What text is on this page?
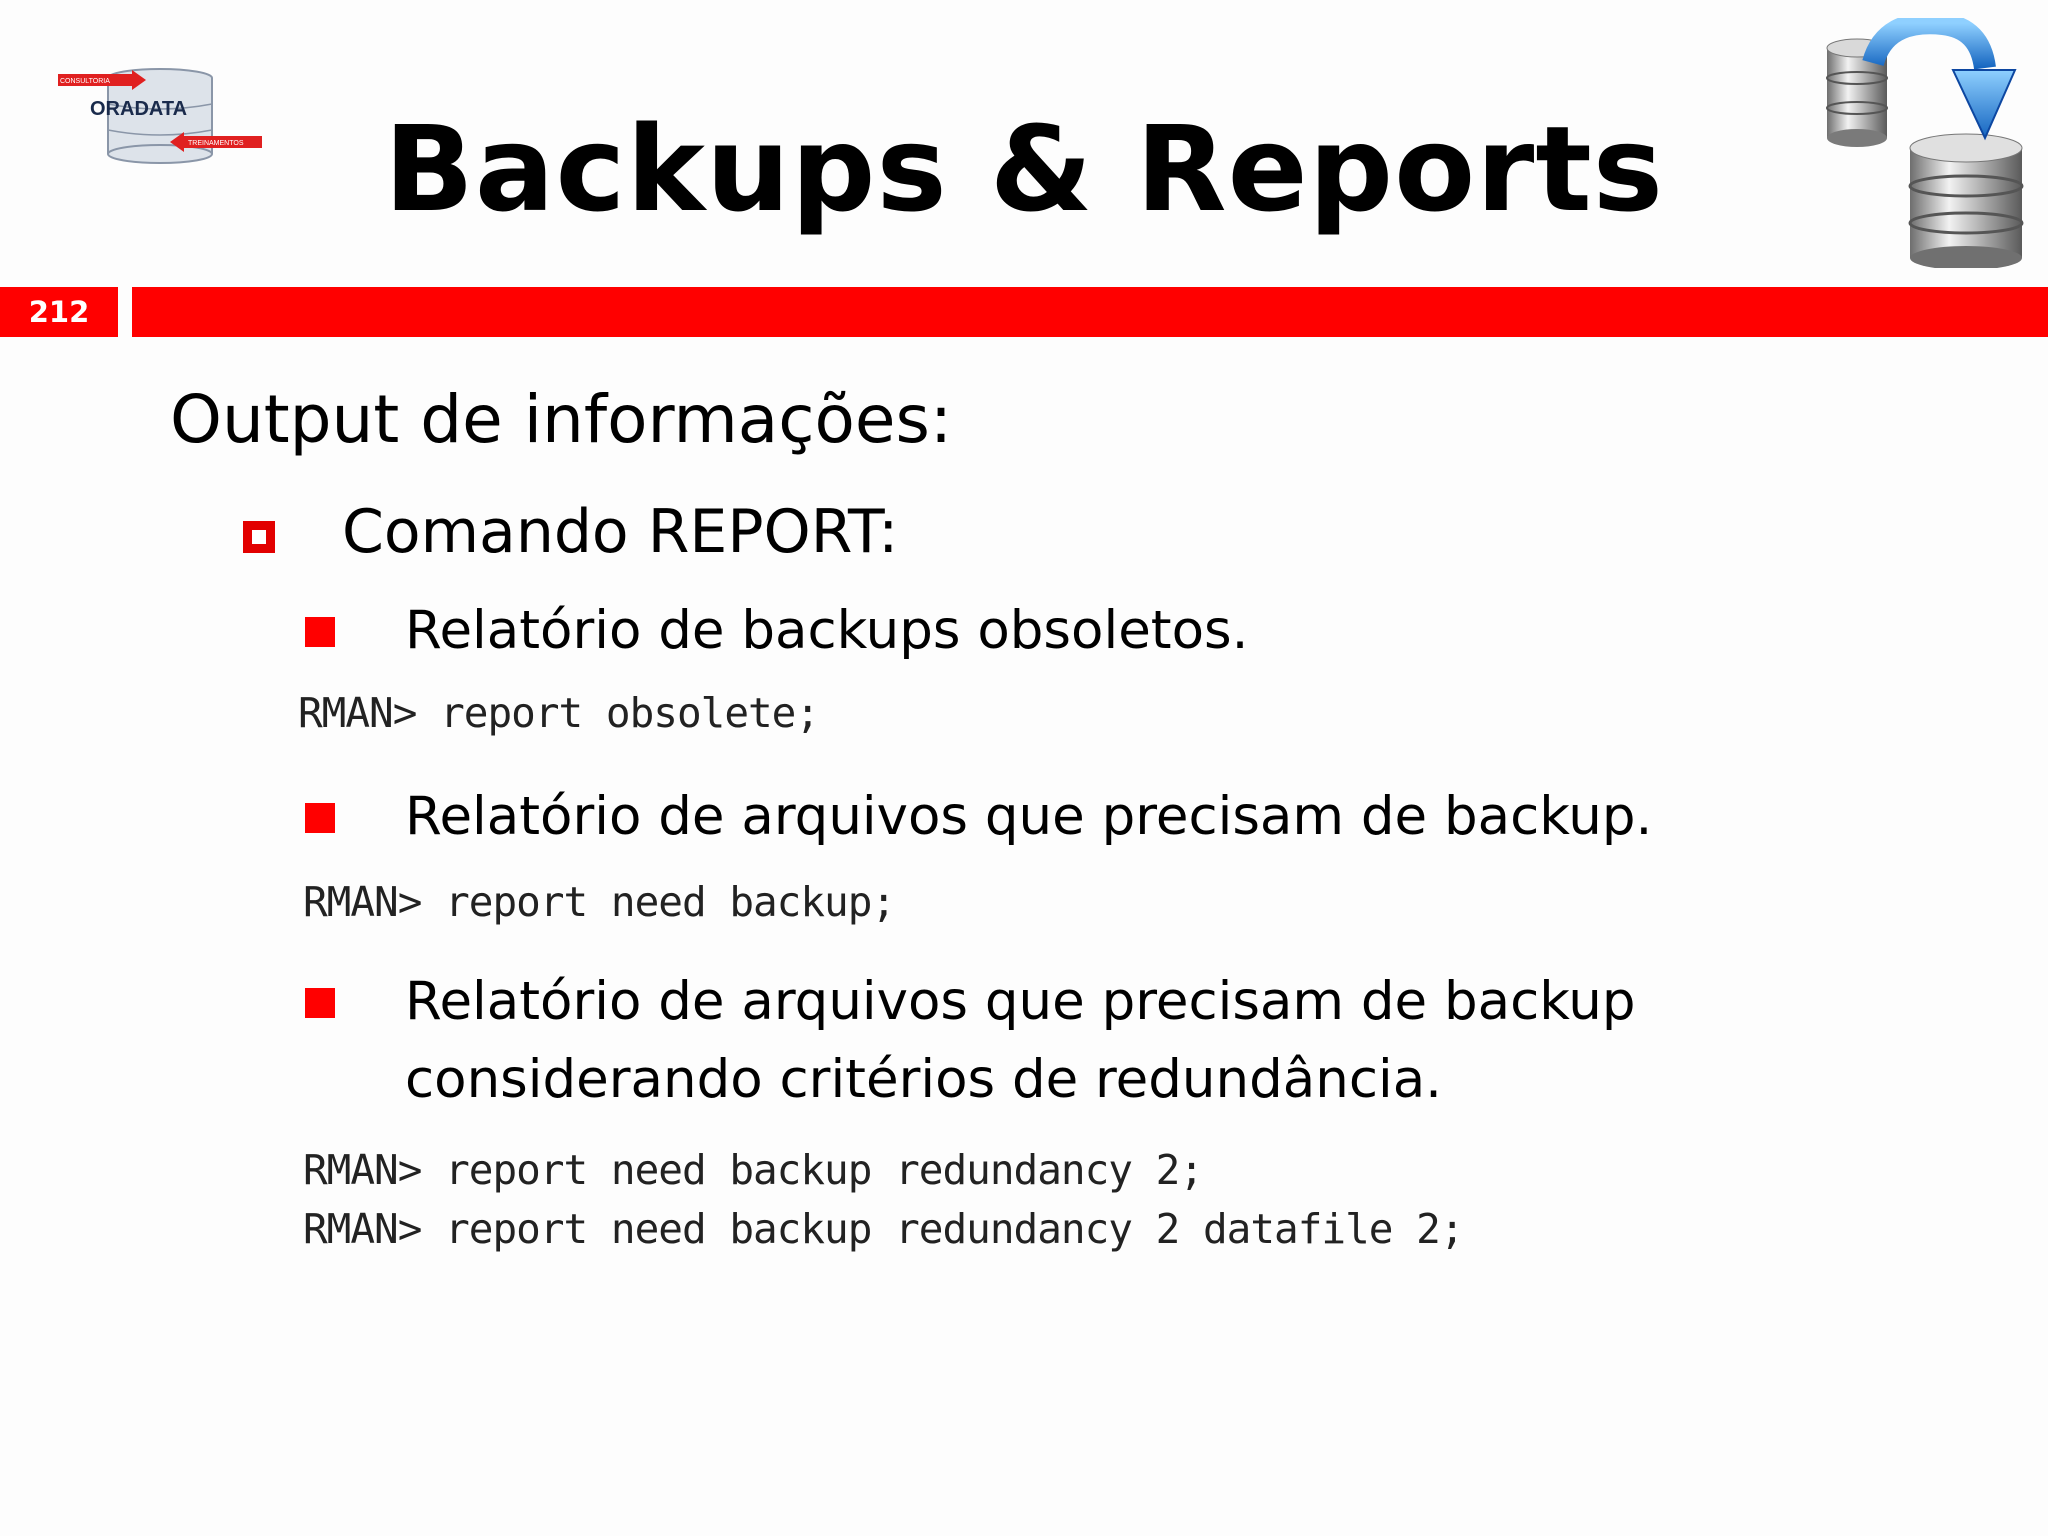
CONSULTORIA
ORADATA
TREINAMENTOS	Backups & Reports
212
Output de informações:
Comando REPORT:
Relatório de backups obsoletos.
RMAN> report obsolete;
Relatório de arquivos que precisam de backup.
RMAN> report need backup;
Relatório de arquivos que precisam de backup considerando critérios de redundância.
RMAN> report need backup redundancy 2;
RMAN> report need backup redundancy 2 datafile 2;
